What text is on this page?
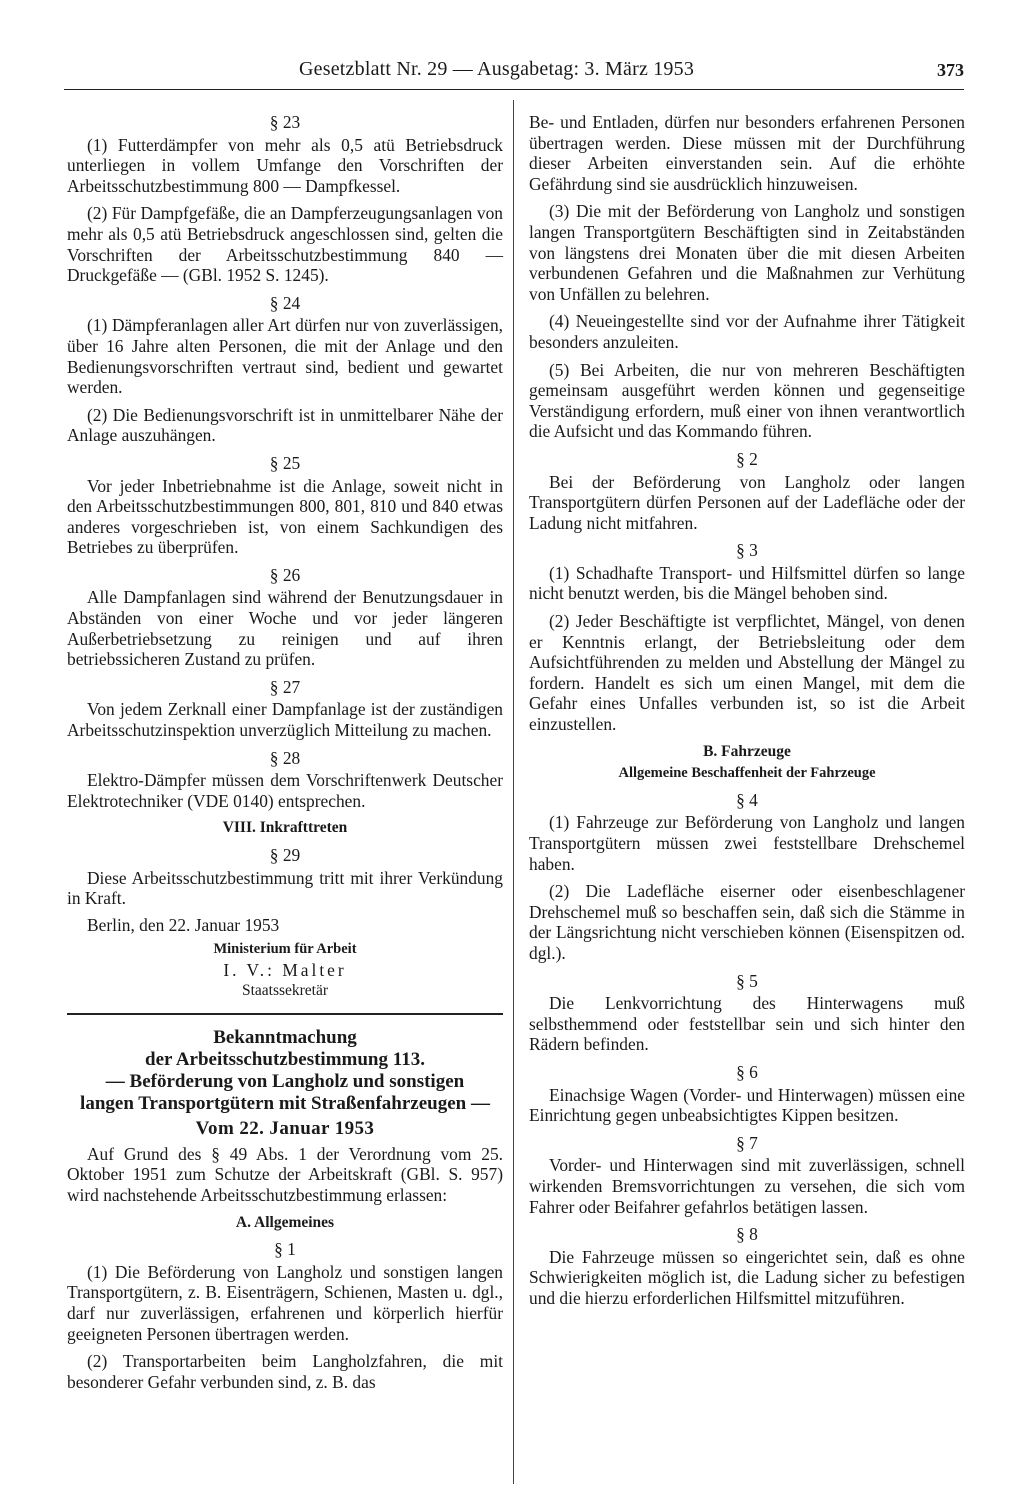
Gesetzblatt Nr. 29 — Ausgabetag: 3. März 1953	373
§ 23

(1) Futterdämpfer von mehr als 0,5 atü Betriebsdruck unterliegen in vollem Umfange den Vorschriften der Arbeitsschutzbestimmung 800 — Dampfkessel.

(2) Für Dampfgefäße, die an Dampferzeugungsanlagen von mehr als 0,5 atü Betriebsdruck angeschlossen sind, gelten die Vorschriften der Arbeitsschutzbestimmung 840 — Druckgefäße — (GBl. 1952 S. 1245).

§ 24

(1) Dämpferanlagen aller Art dürfen nur von zuverlässigen, über 16 Jahre alten Personen, die mit der Anlage und den Bedienungsvorschriften vertraut sind, bedient und gewartet werden.

(2) Die Bedienungsvorschrift ist in unmittelbarer Nähe der Anlage auszuhängen.

§ 25

Vor jeder Inbetriebnahme ist die Anlage, soweit nicht in den Arbeitsschutzbestimmungen 800, 801, 810 und 840 etwas anderes vorgeschrieben ist, von einem Sachkundigen des Betriebes zu überprüfen.

§ 26

Alle Dampfanlagen sind während der Benutzungsdauer in Abständen von einer Woche und vor jeder längeren Außerbetriebsetzung zu reinigen und auf ihren betriebssicheren Zustand zu prüfen.

§ 27

Von jedem Zerknall einer Dampfanlage ist der zuständigen Arbeitsschutzinspektion unverzüglich Mitteilung zu machen.

§ 28

Elektro-Dämpfer müssen dem Vorschriftenwerk Deutscher Elektrotechniker (VDE 0140) entsprechen.

VIII. Inkrafttreten
§ 29

Diese Arbeitsschutzbestimmung tritt mit ihrer Verkündung in Kraft.

Berlin, den 22. Januar 1953
Ministerium für Arbeit
I. V.: Malter
Staatssekretär
Bekanntmachung
der Arbeitsschutzbestimmung 113.
— Beförderung von Langholz und sonstigen
langen Transportgütern mit Straßenfahrzeugen —
Vom 22. Januar 1953

Auf Grund des § 49 Abs. 1 der Verordnung vom 25. Oktober 1951 zum Schutze der Arbeitskraft (GBl. S. 957) wird nachstehende Arbeitsschutzbestimmung erlassen:

A. Allgemeines
§ 1

(1) Die Beförderung von Langholz und sonstigen langen Transportgütern, z. B. Eisenträgern, Schienen, Masten u. dgl., darf nur zuverlässigen, erfahrenen und körperlich hierfür geeigneten Personen übertragen werden.

(2) Transportarbeiten beim Langholzfahren, die mit besonderer Gefahr verbunden sind, z. B. das

Be- und Entladen, dürfen nur besonders erfahrenen Personen übertragen werden. Diese müssen mit der Durchführung dieser Arbeiten einverstanden sein. Auf die erhöhte Gefährdung sind sie ausdrücklich hinzuweisen.

(3) Die mit der Beförderung von Langholz und sonstigen langen Transportgütern Beschäftigten sind in Zeitabständen von längstens drei Monaten über die mit diesen Arbeiten verbundenen Gefahren und die Maßnahmen zur Verhütung von Unfällen zu belehren.

(4) Neueingestellte sind vor der Aufnahme ihrer Tätigkeit besonders anzuleiten.

(5) Bei Arbeiten, die nur von mehreren Beschäftigten gemeinsam ausgeführt werden können und gegenseitige Verständigung erfordern, muß einer von ihnen verantwortlich die Aufsicht und das Kommando führen.

§ 2

Bei der Beförderung von Langholz oder langen Transportgütern dürfen Personen auf der Ladefläche oder der Ladung nicht mitfahren.

§ 3

(1) Schadhafte Transport- und Hilfsmittel dürfen so lange nicht benutzt werden, bis die Mängel behoben sind.

(2) Jeder Beschäftigte ist verpflichtet, Mängel, von denen er Kenntnis erlangt, der Betriebsleitung oder dem Aufsichtführenden zu melden und Abstellung der Mängel zu fordern. Handelt es sich um einen Mangel, mit dem die Gefahr eines Unfalles verbunden ist, so ist die Arbeit einzustellen.

B. Fahrzeuge
Allgemeine Beschaffenheit der Fahrzeuge
§ 4

(1) Fahrzeuge zur Beförderung von Langholz und langen Transportgütern müssen zwei feststellbare Drehschemel haben.

(2) Die Ladefläche eiserner oder eisenbeschlagener Drehschemel muß so beschaffen sein, daß sich die Stämme in der Längsrichtung nicht verschieben können (Eisenspitzen od. dgl.).

§ 5

Die Lenkvorrichtung des Hinterwagens muß selbsthemmend oder feststellbar sein und sich hinter den Rädern befinden.

§ 6

Einachsige Wagen (Vorder- und Hinterwagen) müssen eine Einrichtung gegen unbeabsichtigtes Kippen besitzen.

§ 7

Vorder- und Hinterwagen sind mit zuverlässigen, schnell wirkenden Bremsvorrichtungen zu versehen, die sich vom Fahrer oder Beifahrer gefahrlos betätigen lassen.

§ 8

Die Fahrzeuge müssen so eingerichtet sein, daß es ohne Schwierigkeiten möglich ist, die Ladung sicher zu befestigen und die hierzu erforderlichen Hilfsmittel mitzuführen.
